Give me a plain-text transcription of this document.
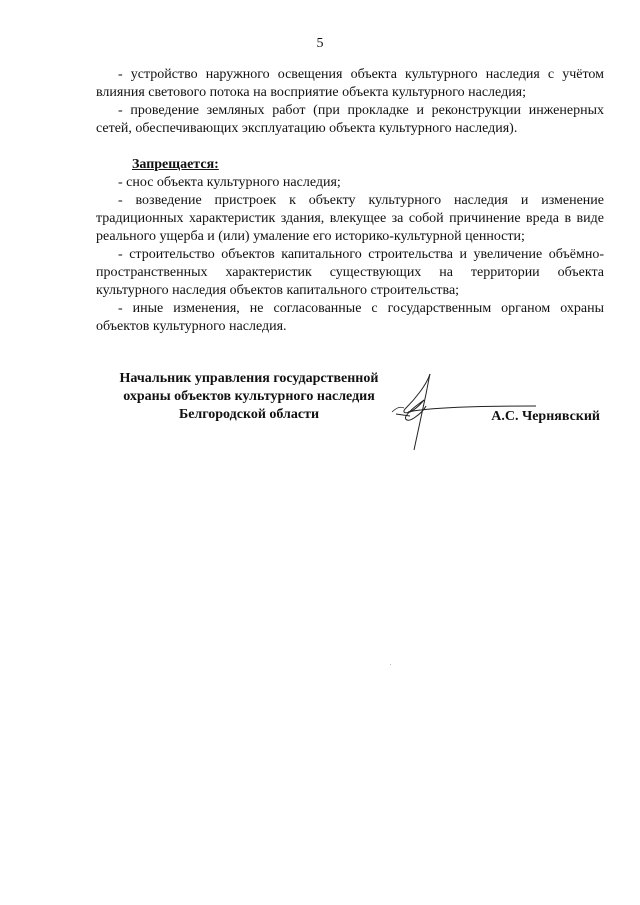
5

- устройство наружного освещения объекта культурного наследия с учётом влияния светового потока на восприятие объекта культурного наследия;

- проведение земляных работ (при прокладке и реконструкции инженерных сетей, обеспечивающих эксплуатацию объекта культурного наследия).

Запрещается:

- снос объекта культурного наследия;

- возведение пристроек к объекту культурного наследия и изменение традиционных характеристик здания, влекущее за собой причинение вреда в виде реального ущерба и (или) умаление его историко-культурной ценности;

- строительство объектов капитального строительства и увеличение объёмно-пространственных характеристик существующих на территории объекта культурного наследия объектов капитального строительства;

- иные изменения, не согласованные с государственным органом охраны объектов культурного наследия.

Начальник управления государственной
охраны объектов культурного наследия
Белгородской области	А.С. Чернявский
